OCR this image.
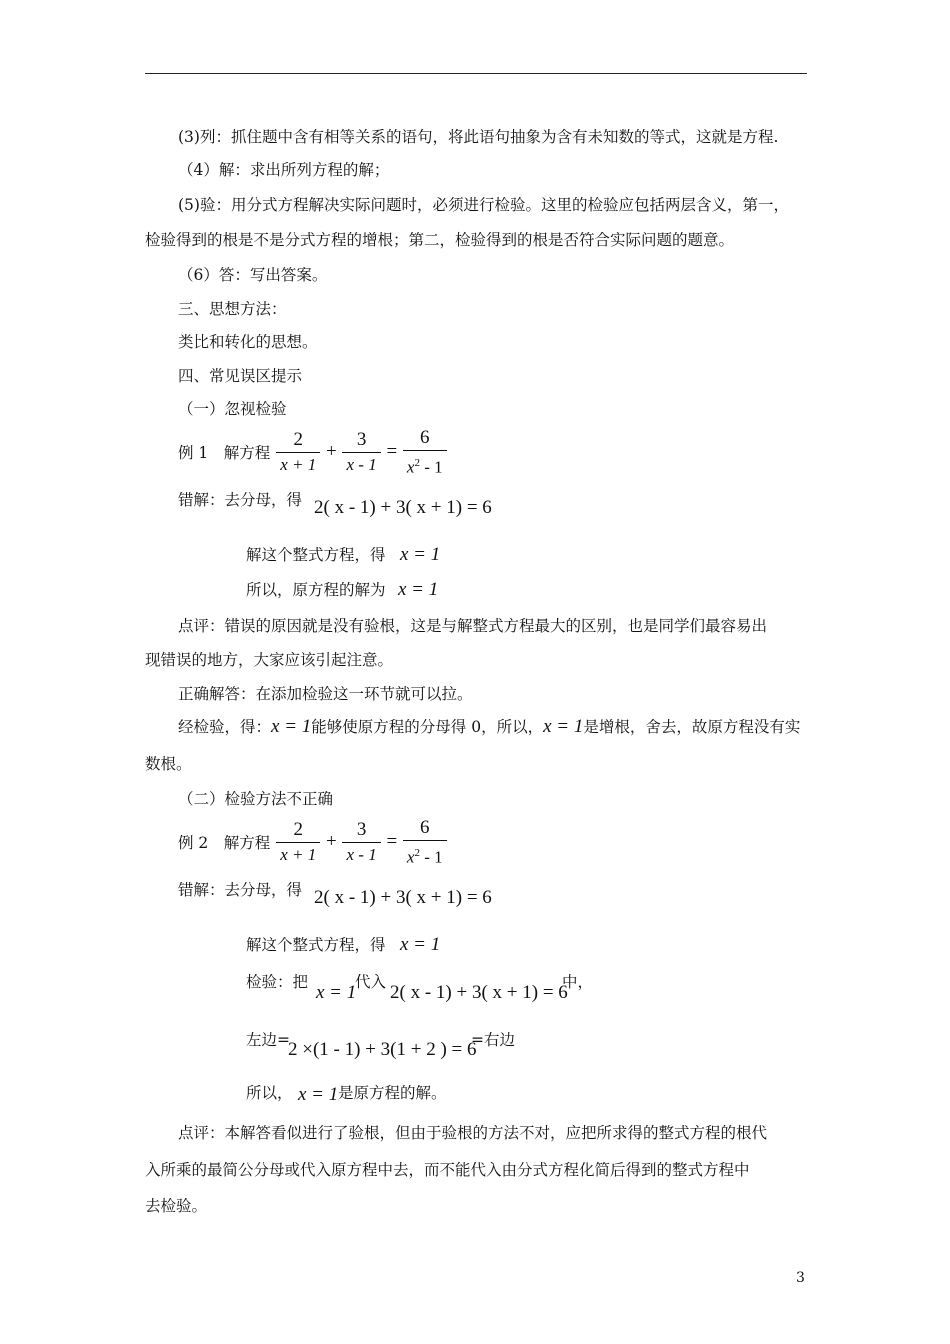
(3)列：抓住题中含有相等关系的语句，将此语句抽象为含有未知数的等式，这就是方程.
（4）解：求出所列方程的解；
(5)验：用分式方程解决实际问题时，必须进行检验。这里的检验应包括两层含义，第一，
检验得到的根是不是分式方程的增根；第二，检验得到的根是否符合实际问题的题意。
（6）答：写出答案。
三、思想方法：
类比和转化的思想。
四、常见误区提示
（一）忽视检验
例 1　解方程 $\frac{2}{x + 1} + \frac{3}{x - 1} = \frac{6}{x^2 - 1}$
错解：去分母，得 2( x - 1) + 3( x + 1) = 6
解这个整式方程，得 x = 1
所以，原方程的解为 x = 1
点评：错误的原因就是没有验根，这是与解整式方程最大的区别，也是同学们最容易出
现错误的地方，大家应该引起注意。
正确解答：在添加检验这一环节就可以拉。
经检验，得：x = 1能够使原方程的分母得 0，所以，x = 1是增根，舍去，故原方程没有实
数根。
（二）检验方法不正确
例 2　解方程 $\frac{2}{x + 1} + \frac{3}{x - 1} = \frac{6}{x^2 - 1}$
错解：去分母，得 2( x - 1) + 3( x + 1) = 6
解这个整式方程，得 x = 1
检验：把 x = 1
代入 2( x - 1) + 3( x + 1) = 6
中，
左边=
2 ×(1 - 1) + 3(1 + 2 ) = 6
=右边
所以， x = 1 是原方程的解。
点评：本解答看似进行了验根，但由于验根的方法不对，应把所求得的整式方程的根代
入所乘的最简公分母或代入原方程中去，而不能代入由分式方程化简后得到的整式方程中
去检验。
3
